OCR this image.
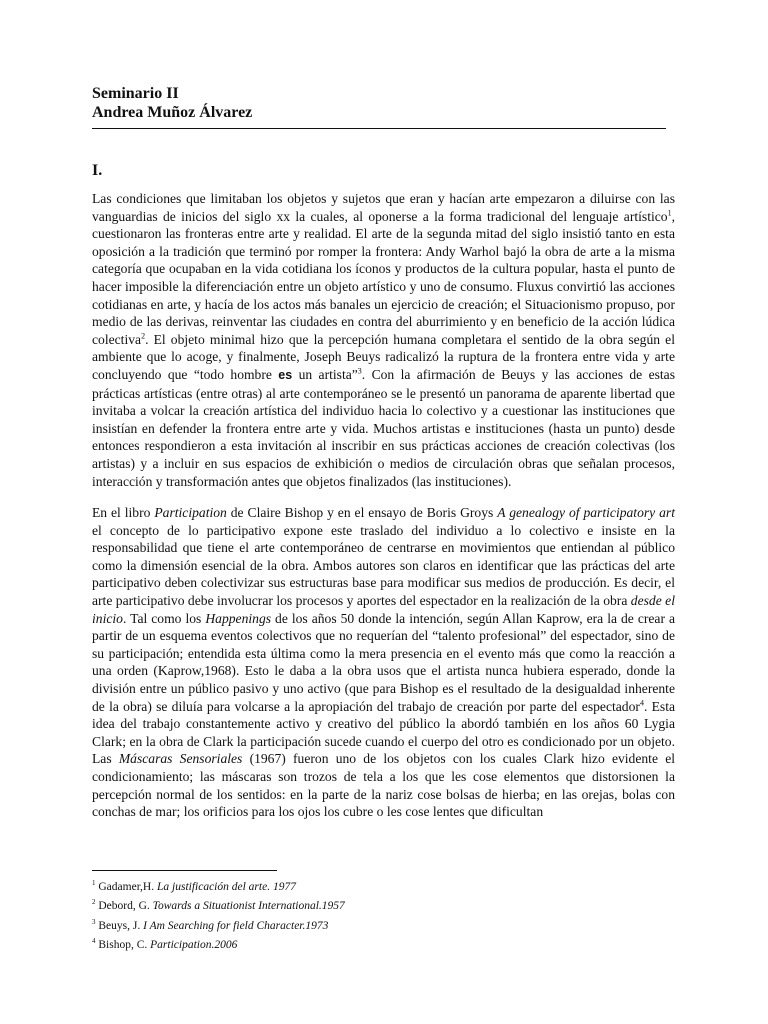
Seminario II

Andrea Muñoz Álvarez

I.

Las condiciones que limitaban los objetos y sujetos que eran y hacían arte empezaron a diluirse con las vanguardias de inicios del siglo xx la cuales, al oponerse a la forma tradicional del lenguaje artístico$^1$, cuestionaron las fronteras entre arte y realidad. El arte de la segunda mitad del siglo insistió tanto en esta oposición a la tradición que terminó por romper la frontera: Andy Warhol bajó la obra de arte a la misma categoría que ocupaban en la vida cotidiana los íconos y productos de la cultura popular, hasta el punto de hacer imposible la diferenciación entre un objeto artístico y uno de consumo. Fluxus convirtió las acciones cotidianas en arte, y hacía de los actos más banales un ejercicio de creación; el Situacionismo propuso, por medio de las derivas, reinventar las ciudades en contra del aburrimiento y en beneficio de la acción lúdica colectiva$^2$. El objeto minimal hizo que la percepción humana completara el sentido de la obra según el ambiente que lo acoge, y finalmente, Joseph Beuys radicalizó la ruptura de la frontera entre vida y arte concluyendo que “todo hombre es un artista”$^3$. Con la afirmación de Beuys y las acciones de estas prácticas artísticas (entre otras) al arte contemporáneo se le presentó un panorama de aparente libertad que invitaba a volcar la creación artística del individuo hacia lo colectivo y a cuestionar las instituciones que insistían en defender la frontera entre arte y vida. Muchos artistas e instituciones (hasta un punto) desde entonces respondieron a esta invitación al inscribir en sus prácticas acciones de creación colectivas (los artistas) y a incluir en sus espacios de exhibición o medios de circulación obras que señalan procesos, interacción y transformación antes que objetos finalizados (las instituciones).

En el libro Participation de Claire Bishop y en el ensayo de Boris Groys A genealogy of participatory art el concepto de lo participativo expone este traslado del individuo a lo colectivo e insiste en la responsabilidad que tiene el arte contemporáneo de centrarse en movimientos que entiendan al público como la dimensión esencial de la obra. Ambos autores son claros en identificar que las prácticas del arte participativo deben colectivizar sus estructuras base para modificar sus medios de producción. Es decir, el arte participativo debe involucrar los procesos y aportes del espectador en la realización de la obra desde el inicio. Tal como los Happenings de los años 50 donde la intención, según Allan Kaprow, era la de crear a partir de un esquema eventos colectivos que no requerían del “talento profesional” del espectador, sino de su participación; entendida esta última como la mera presencia en el evento más que como la reacción a una orden (Kaprow,1968). Esto le daba a la obra usos que el artista nunca hubiera esperado, donde la división entre un público pasivo y uno activo (que para Bishop es el resultado de la desigualdad inherente de la obra) se diluía para volcarse a la apropiación del trabajo de creación por parte del espectador$^4$. Esta idea del trabajo constantemente activo y creativo del público la abordó también en los años 60 Lygia Clark; en la obra de Clark la participación sucede cuando el cuerpo del otro es condicionado por un objeto. Las Máscaras Sensoriales (1967) fueron uno de los objetos con los cuales Clark hizo evidente el condicionamiento; las máscaras son trozos de tela a los que les cose elementos que distorsionen la percepción normal de los sentidos: en la parte de la nariz cose bolsas de hierba; en las orejas, bolas con conchas de mar; los orificios para los ojos los cubre o les cose lentes que dificultan

$^1$ Gadamer,H. La justificación del arte. 1977

$^2$ Debord, G. Towards a Situationist International.1957

$^3$ Beuys, J. I Am Searching for field Character.1973

$^4$ Bishop, C. Participation.2006
